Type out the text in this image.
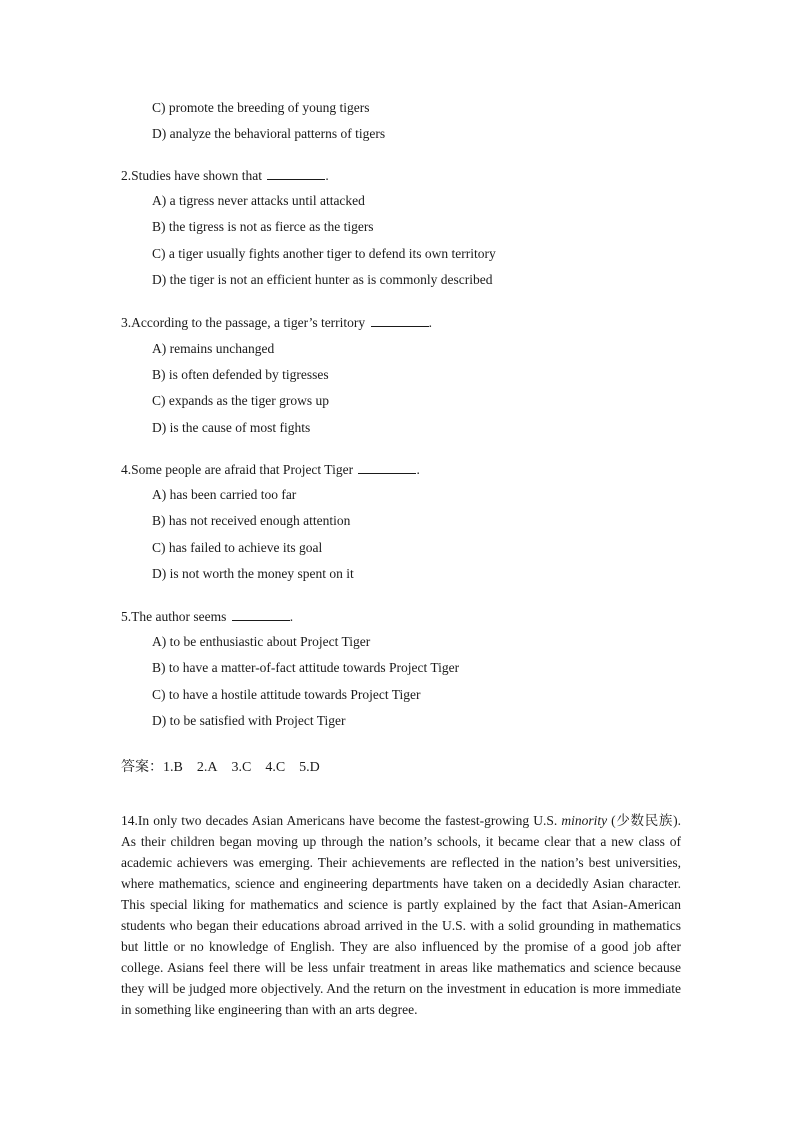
C) promote the breeding of young tigers
D) analyze the behavioral patterns of tigers
2.Studies have shown that	.
A) a tigress never attacks until attacked
B) the tigress is not as fierce as the tigers
C) a tiger usually fights another tiger to defend its own territory
D) the tiger is not an efficient hunter as is commonly described
3.According to the passage, a tiger’s territory	.
A) remains unchanged
B) is often defended by tigresses
C) expands as the tiger grows up
D) is the cause of most fights
4.Some people are afraid that Project Tiger	.
A) has been carried too far
B) has not received enough attention
C) has failed to achieve its goal
D) is not worth the money spent on it
5.The author seems	.
A) to be enthusiastic about Project Tiger
B) to have a matter-of-fact attitude towards Project Tiger
C) to have a hostile attitude towards Project Tiger
D) to be satisfied with Project Tiger
答案：1.B 2.A 3.C 4.C 5.D

14.In only two decades Asian Americans have become the fastest-growing U.S. minority (少数民族). As their children began moving up through the nation’s schools, it became clear that a new class of academic achievers was emerging. Their achievements are reflected in the nation’s best universities, where mathematics, science and engineering departments have taken on a decidedly Asian character. This special liking for mathematics and science is partly explained by the fact that Asian-American students who began their educations abroad arrived in the U.S. with a solid grounding in mathematics but little or no knowledge of English. They are also influenced by the promise of a good job after college. Asians feel there will be less unfair treatment in areas like mathematics and science because they will be judged more objectively. And the return on the investment in education is more immediate in something like engineering than with an arts degree.
